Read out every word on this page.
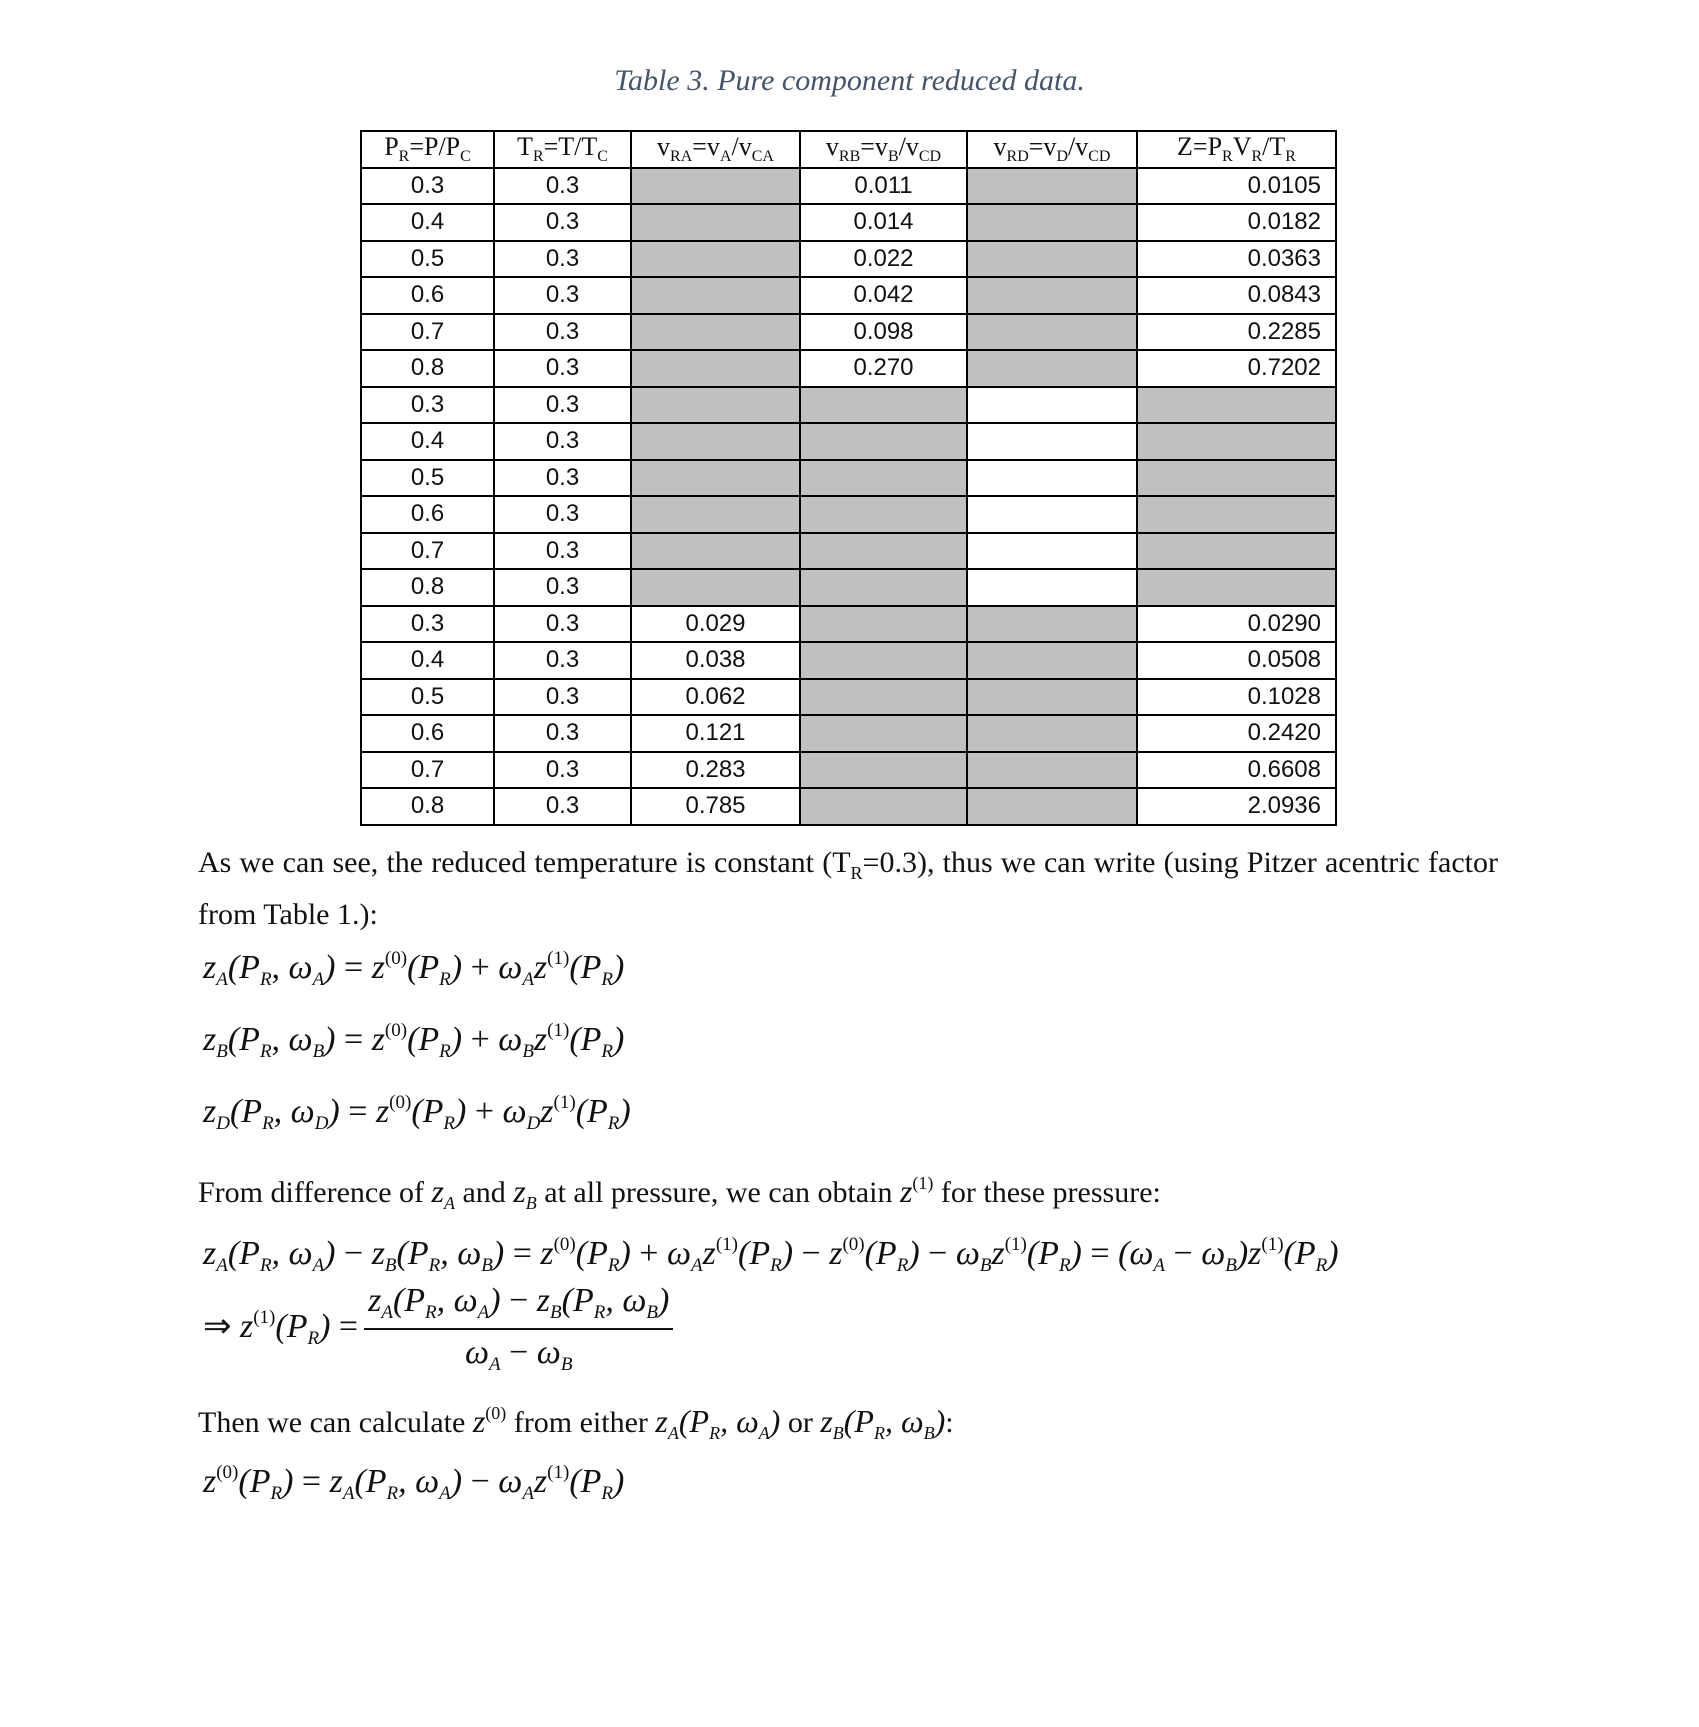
Table 3. Pure component reduced data.
$P_R=P/P_C$	$T_R=T/T_C$	$v_{RA}=v_A/v_{CA}$	$v_{RB}=v_B/v_{CD}$	$v_{RD}=v_D/v_{CD}$	$Z=P_RV_R/T_R$
0.3	0.3		0.011		0.0105
0.4	0.3		0.014		0.0182
0.5	0.3		0.022		0.0363
0.6	0.3		0.042		0.0843
0.7	0.3		0.098		0.2285
0.8	0.3		0.270		0.7202
0.3	0.3				
0.4	0.3				
0.5	0.3				
0.6	0.3				
0.7	0.3				
0.8	0.3				
0.3	0.3	0.029			0.0290
0.4	0.3	0.038			0.0508
0.5	0.3	0.062			0.1028
0.6	0.3	0.121			0.2420
0.7	0.3	0.283			0.6608
0.8	0.3	0.785			2.0936
As we can see, the reduced temperature is constant $(T_R=0.3)$, thus we can write (using Pitzer acentric factor from Table 1.):
$z_A(P_R$, $\omega_A) = z^{(0)}(P_R) + \omega_Az^{(1)}(P_R)$
$z_B(P_R$, $\omega_B) = z^{(0)}(P_R) + \omega_Bz^{(1)}(P_R)$
$z_D(P_R$, $\omega_D) = z^{(0)}(P_R) + \omega_Dz^{(1)}(P_R)$
From difference of $z_A$ and $z_B$ at all pressure, we can obtain $z^{(1)}$ for these pressure:
$z_A(P_R$, $\omega_A) - z_B(P_R$, $\omega_B) = z^{(0)}(P_R) + \omega_Az^{(1)}(P_R) - z^{(0)}(P_R) - \omega_Bz^{(1)}(P_R) = (\omega_A - \omega_B)z^{(1)}(P_R)$
⇒ $z^{(1)}(P_R) = \frac{z_A(P_R, \omega_A) - z_B(P_R, \omega_B)}{\omega_A - \omega_B}$
Then we can calculate $z^{(0)}$ from either $z_A(P_R$, $\omega_A$) or $z_B(P_R$, $\omega_B$):
$z^{(0)}(P_R) = z_A(P_R$, $\omega_A) - \omega_Az^{(1)}(P_R)$
